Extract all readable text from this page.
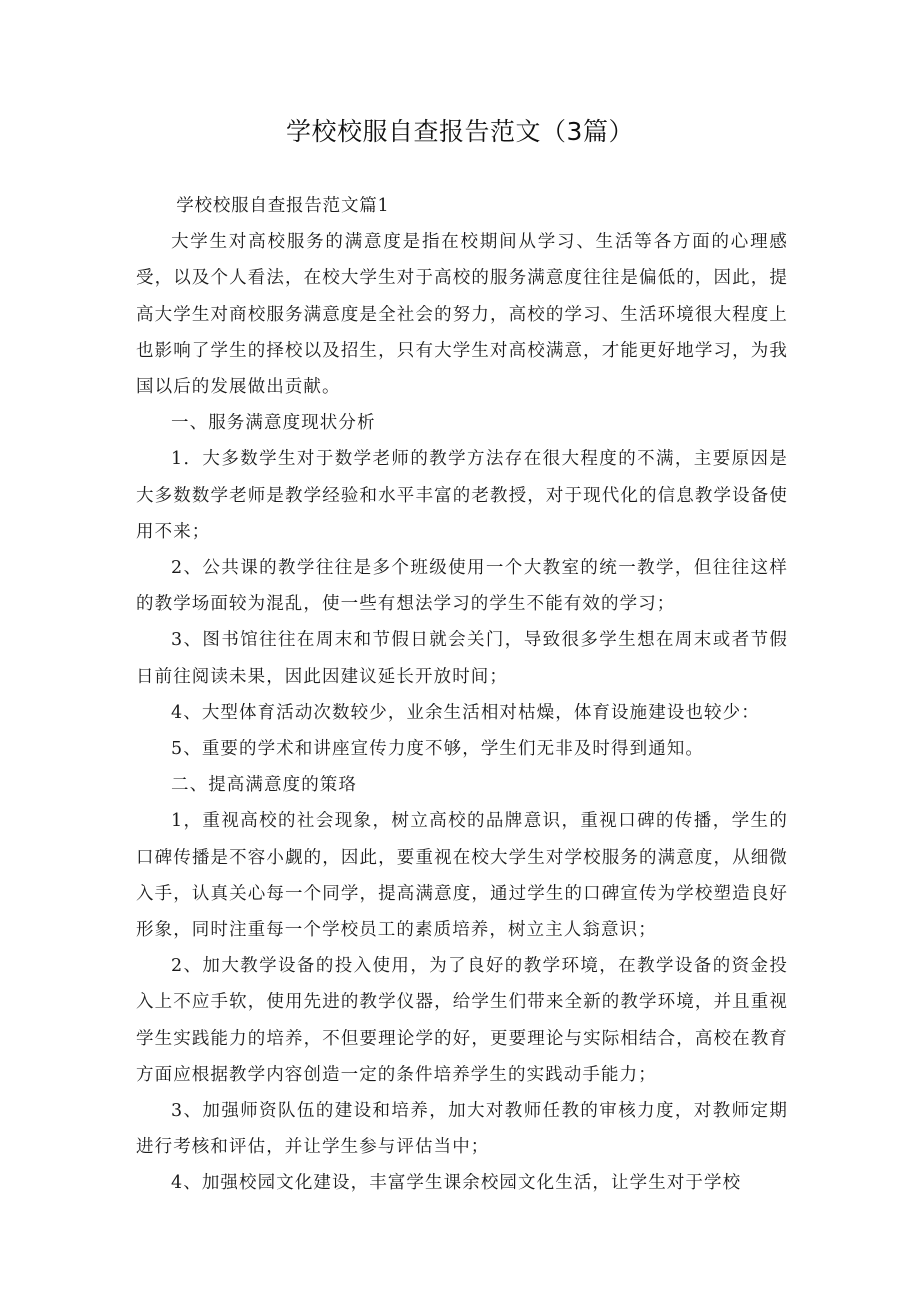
学校校服自查报告范文（3篇）

学校校服自查报告范文篇1

大学生对高校服务的满意度是指在校期间从学习、生活等各方面的心理感受，以及个人看法，在校大学生对于高校的服务满意度往往是偏低的，因此，提高大学生对商校服务满意度是全社会的努力，高校的学习、生活环境很大程度上也影响了学生的择校以及招生，只有大学生对高校满意，才能更好地学习，为我国以后的发展做出贡献。

一、服务满意度现状分析

1．大多数学生对于数学老师的教学方法存在很大程度的不满，主要原因是大多数数学老师是教学经验和水平丰富的老教授，对于现代化的信息教学设备使用不来；

2、公共课的教学往往是多个班级使用一个大教室的统一教学，但往往这样的教学场面较为混乱，使一些有想法学习的学生不能有效的学习；

3、图书馆往往在周末和节假日就会关门，导致很多学生想在周末或者节假日前往阅读未果，因此因建议延长开放时间；

4、大型体育活动次数较少，业余生活相对枯燥，体育设施建设也较少：

5、重要的学术和讲座宣传力度不够，学生们无非及时得到通知。

二、提高满意度的策珞

1，重视高校的社会现象，树立高校的品牌意识，重视口碑的传播，学生的口碑传播是不容小觑的，因此，要重视在校大学生对学校服务的满意度，从细微入手，认真关心每一个同学，提高满意度，通过学生的口碑宣传为学校塑造良好形象，同时注重每一个学校员工的素质培养，树立主人翁意识；

2、加大教学设备的投入使用，为了良好的教学环境，在教学设备的资金投入上不应手软，使用先进的教学仪器，给学生们带来全新的教学环境，并且重视学生实践能力的培养，不但要理论学的好，更要理论与实际相结合，高校在教育方面应根据教学内容创造一定的条件培养学生的实践动手能力；

3、加强师资队伍的建设和培养，加大对教师任教的审核力度，对教师定期进行考核和评估，并让学生参与评估当中；

4、加强校园文化建设，丰富学生课余校园文化生活，让学生对于学校
